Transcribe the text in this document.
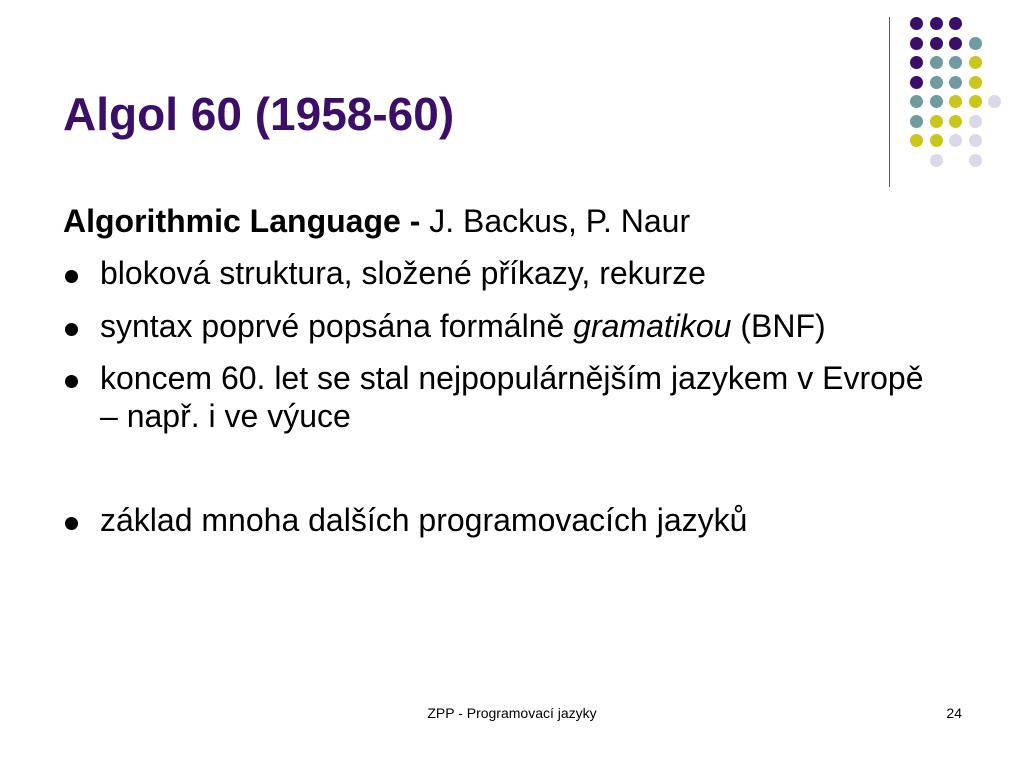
Algol 60 (1958-60)

Algorithmic Language - J. Backus, P. Naur

bloková struktura, složené příkazy, rekurze
syntax poprvé popsána formálně gramatikou (BNF)
koncem 60. let se stal nejpopulárnějším jazykem v Evropě – např. i ve výuce
základ mnoha dalších programovacích jazyků
ZPP - Programovací jazyky	24
